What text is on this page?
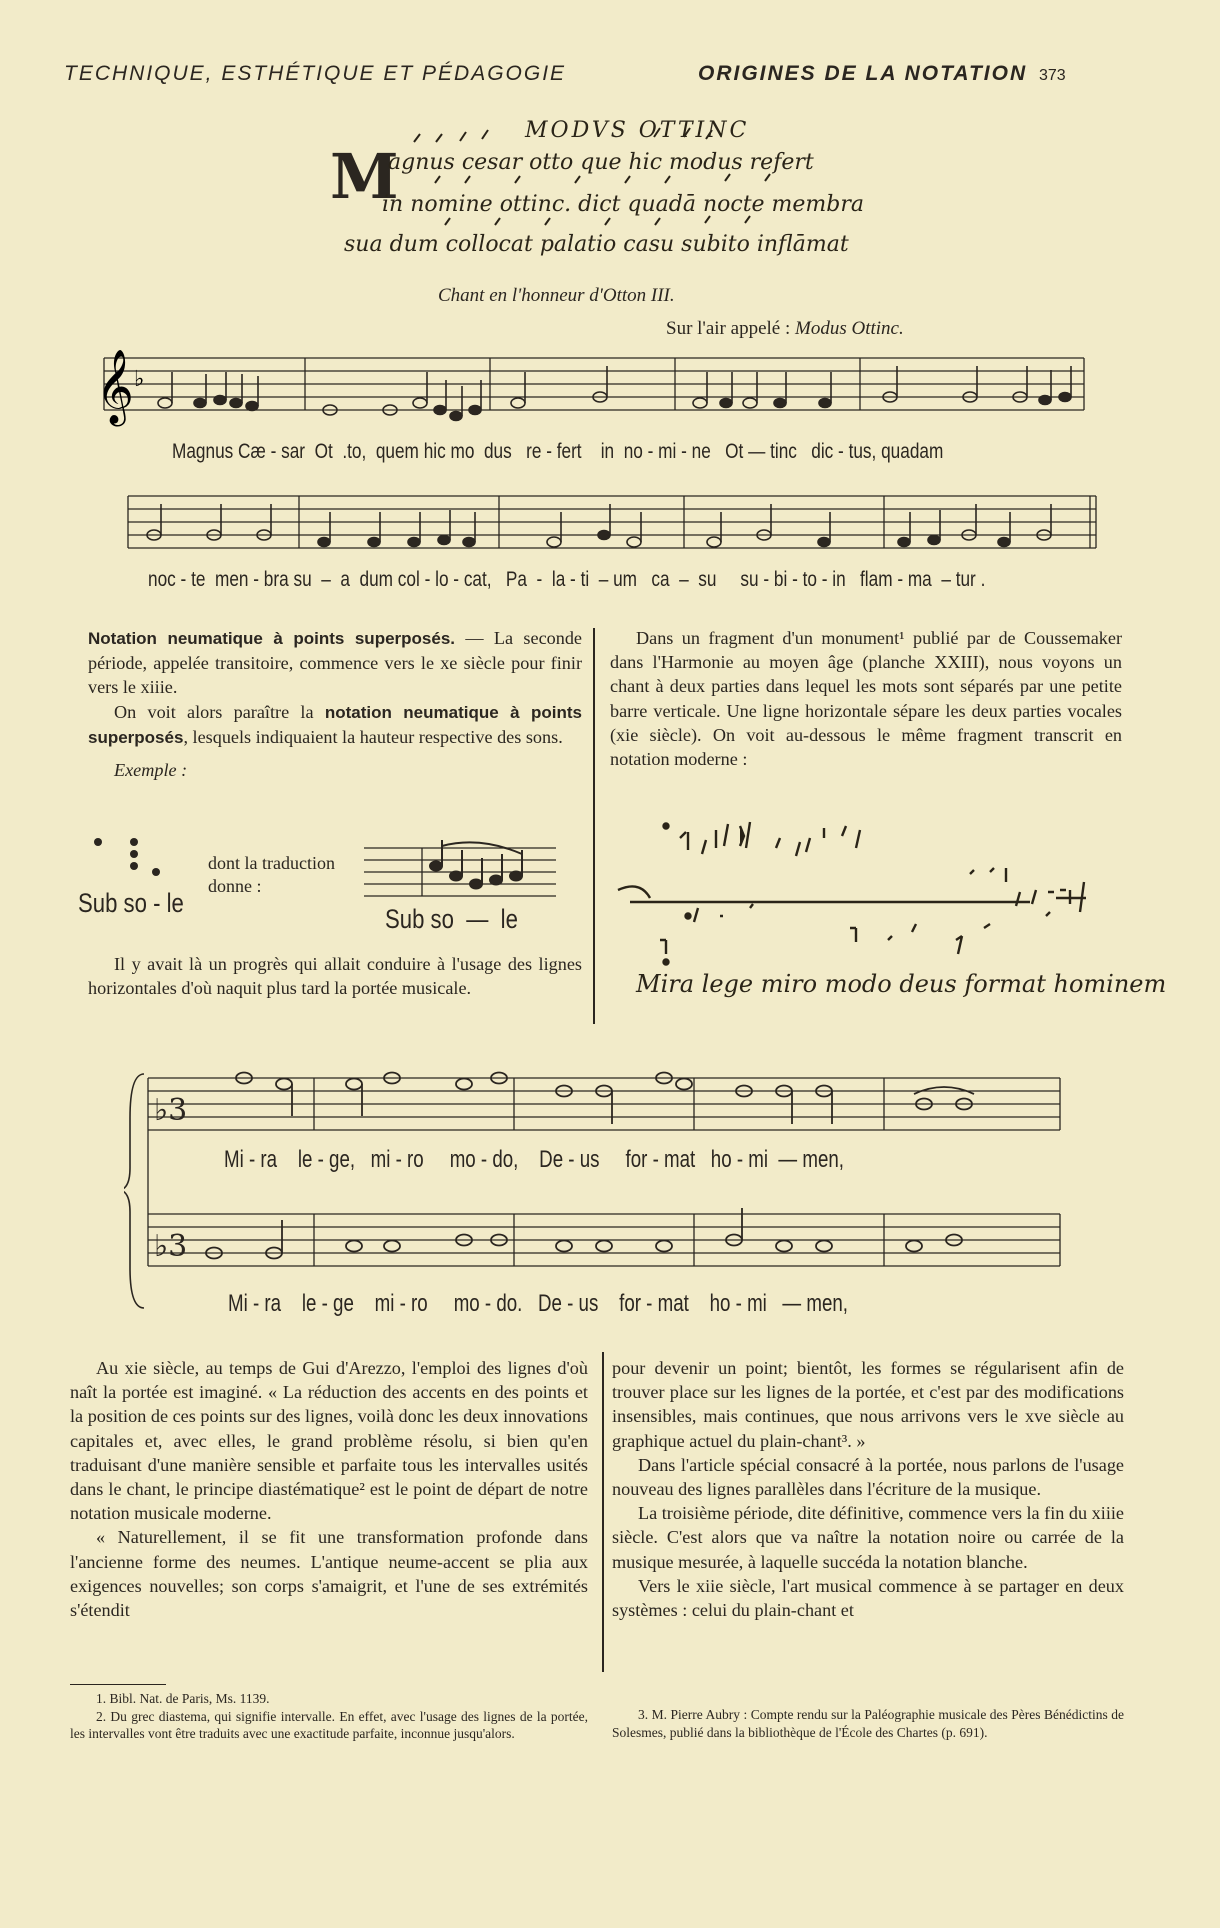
TECHNIQUE, ESTHÉTIQUE ET PÉDAGOGIE	ORIGINES DE LA NOTATION 373
MODVS OTTINC
M
agnus cesar otto que hic modus refert
in nomine ottinc. dict quadā nocte membra
sua dum collocat palatio casu subito inflāmat
Chant en l'honneur d'Otton III.
Sur l'air appelé : Modus Ottinc.
𝄞 ♭
Magnus Cæ - sar  Ot  .to,  quem hic mo  dus   re - fert    in  no - mi - ne   Ot — tinc   dic - tus, quadam
noc - te  men - bra su  –  a  dum col - lo - cat,   Pa  -  la - ti  – um   ca  –  su     su - bi - to - in   flam - ma  – tur .

Notation neumatique à points superposés. — La seconde période, appelée transitoire, commence vers le xe siècle pour finir vers le xiiie.

On voit alors paraître la notation neumatique à points superposés, lesquels indiquaient la hauteur respective des sons.

Exemple :

Sub so - le
dont la traduction donne :
Sub so  —  le

Il y avait là un progrès qui allait conduire à l'usage des lignes horizontales d'où naquit plus tard la portée musicale.

Dans un fragment d'un monument¹ publié par de Coussemaker dans l'Harmonie au moyen âge (planche XXIII), nous voyons un chant à deux parties dans lequel les mots sont séparés par une petite barre verticale. Une ligne horizontale sépare les deux parties vocales (xie siècle). On voit au-dessous le même fragment transcrit en notation moderne :

Mira lege miro modo deus format hominem
♭3
♭3
Mi - ra    le - ge,   mi - ro     mo - do,    De - us     for - mat   ho - mi  — men,
Mi - ra    le - ge    mi - ro     mo - do.   De - us    for - mat    ho - mi   — men,

Au xie siècle, au temps de Gui d'Arezzo, l'emploi des lignes d'où naît la portée est imaginé. « La réduction des accents en des points et la position de ces points sur des lignes, voilà donc les deux innovations capitales et, avec elles, le grand problème résolu, si bien qu'en traduisant d'une manière sensible et parfaite tous les intervalles usités dans le chant, le principe diastématique² est le point de départ de notre notation musicale moderne.

« Naturellement, il se fit une transformation profonde dans l'ancienne forme des neumes. L'antique neume-accent se plia aux exigences nouvelles; son corps s'amaigrit, et l'une de ses extrémités s'étendit

pour devenir un point; bientôt, les formes se régularisent afin de trouver place sur les lignes de la portée, et c'est par des modifications insensibles, mais continues, que nous arrivons vers le xve siècle au graphique actuel du plain-chant³. »

Dans l'article spécial consacré à la portée, nous parlons de l'usage nouveau des lignes parallèles dans l'écriture de la musique.

La troisième période, dite définitive, commence vers la fin du xiiie siècle. C'est alors que va naître la notation noire ou carrée de la musique mesurée, à laquelle succéda la notation blanche.

Vers le xiie siècle, l'art musical commence à se partager en deux systèmes : celui du plain-chant et

1. Bibl. Nat. de Paris, Ms. 1139.
2. Du grec diastema, qui signifie intervalle. En effet, avec l'usage des lignes de la portée, les intervalles vont être traduits avec une exactitude parfaite, inconnue jusqu'alors.
3. M. Pierre Aubry : Compte rendu sur la Paléographie musicale des Pères Bénédictins de Solesmes, publié dans la bibliothèque de l'École des Chartes (p. 691).
